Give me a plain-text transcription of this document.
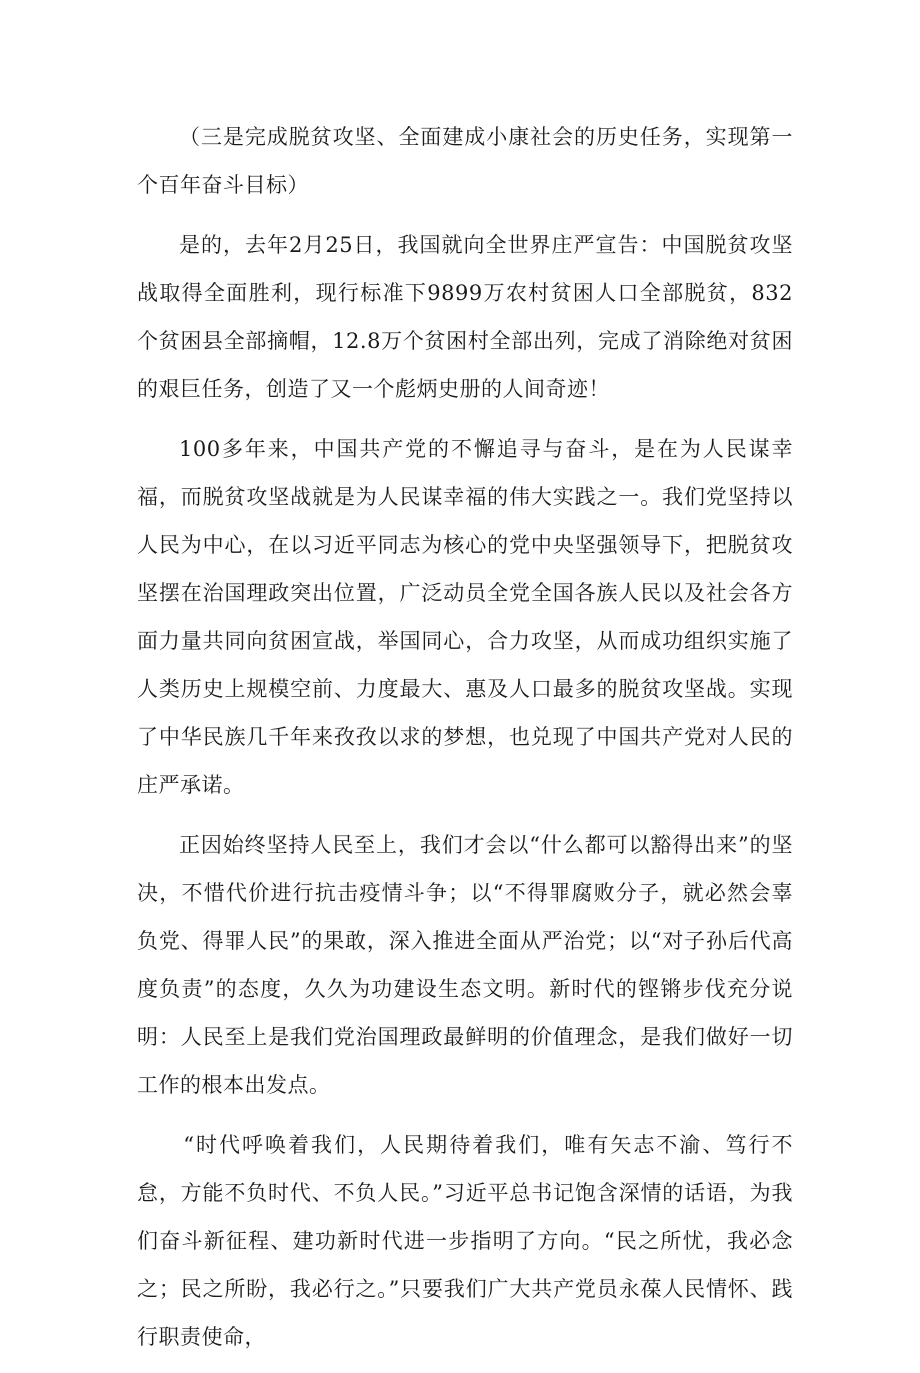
（三是完成脱贫攻坚、全面建成小康社会的历史任务，实现第一个百年奋斗目标）

是的，去年2月25日，我国就向全世界庄严宣告：中国脱贫攻坚战取得全面胜利，现行标准下9899万农村贫困人口全部脱贫，832个贫困县全部摘帽，12.8万个贫困村全部出列，完成了消除绝对贫困的艰巨任务，创造了又一个彪炳史册的人间奇迹！

100多年来，中国共产党的不懈追寻与奋斗，是在为人民谋幸福，而脱贫攻坚战就是为人民谋幸福的伟大实践之一。我们党坚持以人民为中心，在以习近平同志为核心的党中央坚强领导下，把脱贫攻坚摆在治国理政突出位置，广泛动员全党全国各族人民以及社会各方面力量共同向贫困宣战，举国同心，合力攻坚，从而成功组织实施了人类历史上规模空前、力度最大、惠及人口最多的脱贫攻坚战。实现了中华民族几千年来孜孜以求的梦想，也兑现了中国共产党对人民的庄严承诺。

正因始终坚持人民至上，我们才会以“什么都可以豁得出来”的坚决，不惜代价进行抗击疫情斗争；以“不得罪腐败分子，就必然会辜负党、得罪人民”的果敢，深入推进全面从严治党；以“对子孙后代高度负责”的态度，久久为功建设生态文明。新时代的铿锵步伐充分说明：人民至上是我们党治国理政最鲜明的价值理念，是我们做好一切工作的根本出发点。

“时代呼唤着我们，人民期待着我们，唯有矢志不渝、笃行不怠，方能不负时代、不负人民。”习近平总书记饱含深情的话语，为我们奋斗新征程、建功新时代进一步指明了方向。“民之所忧，我必念之；民之所盼，我必行之。”只要我们广大共产党员永葆人民情怀、践行职责使命，
